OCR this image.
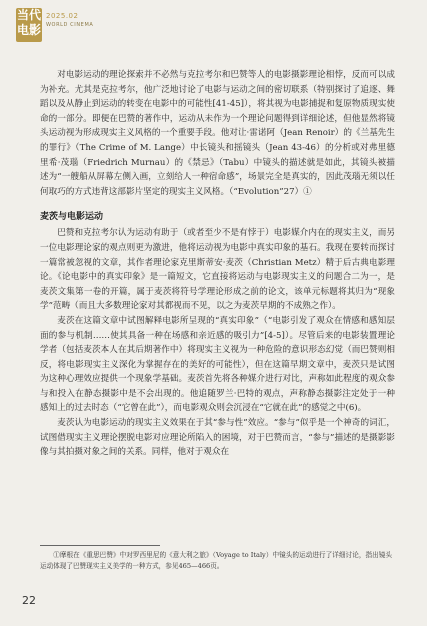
当代
电影
2025.02
WORLD CINEMA

对电影运动的理论探索并不必然与克拉考尔和巴赞等人的电影摄影理论相悖，反而可以成为补充。尤其是克拉考尔，他广泛地讨论了电影与运动之间的密切联系（特别探讨了追逐、舞蹈以及从静止到运动的转变在电影中的可能性[41-45]），将其视为电影捕捉和复原物质现实使命的一部分。即便在巴赞的著作中，运动从未作为一个理论问题得到详细论述，但他显然将镜头运动视为形成现实主义风格的一个重要手段。他对让·雷诺阿（Jean Renoir）的《兰基先生的罪行》（The Crime of M. Lange）中长镜头和摇镜头（Jean 43-46）的分析或对弗里德里希·茂瑙（Friedrich Murnau）的《禁忌》（Tabu）中镜头的描述就是如此，其镜头被描述为“一艘船从屏幕左侧入画，立刻给人一种宿命感”，场景完全是真实的，因此茂瑙无须以任何取巧的方式违背这部影片坚定的现实主义风格。（“Evolution”27）①

麦茨与电影运动

巴赞和克拉考尔认为运动有助于（或者至少不是有悖于）电影媒介内在的现实主义，而另一位电影理论家的观点则更为激进，他将运动视为电影中真实印象的基石。我现在要转而探讨一篇常被忽视的文章，其作者理论家克里斯蒂安·麦茨（Christian Metz）精于后古典电影理论。《论电影中的真实印象》是一篇短文，它直接将运动与电影现实主义的问题合二为一，是麦茨文集第一卷的开篇，属于麦茨将符号学理论形成之前的论文，该单元标题将其归为“现象学”范畴（而且大多数理论家对其都视而不见，以之为麦茨早期的不成熟之作）。

麦茨在这篇文章中试图解释电影所呈现的“真实印象”（“电影引发了观众在情感和感知层面的参与机制……使其具备一种在场感和亲近感的吸引力”[4-5]）。尽管后来的电影装置理论学者（包括麦茨本人在其后期著作中）将现实主义视为一种危险的意识形态幻觉（而巴赞则相反，将电影现实主义深化为掌握存在的美好的可能性），但在这篇早期文章中，麦茨只是试图为这种心理效应提供一个现象学基础。麦茨首先将各种媒介进行对比，声称如此程度的观众参与和投入在静态摄影中是不会出现的。他追随罗兰·巴特的观点，声称静态摄影注定处于一种感知上的过去时态（“它曾在此”），而电影观众则会沉浸在“它就在此”的感觉之中(6)。

麦茨认为电影运动的现实主义效果在于其“参与性”效应。“参与”似乎是一个神奇的词汇，试图借现实主义理论摆脱电影对应理论所陷入的困境，对于巴赞而言，“参与”描述的是摄影影像与其拍摄对象之间的关系。同样，他对于观众在

①摩根在《重思巴赞》中对罗西里尼的《意大利之旅》（Voyage to Italy）中镜头的运动进行了详细讨论，指出镜头运动体现了巴赞现实主义美学的一种方式，参见465—466页。

22
